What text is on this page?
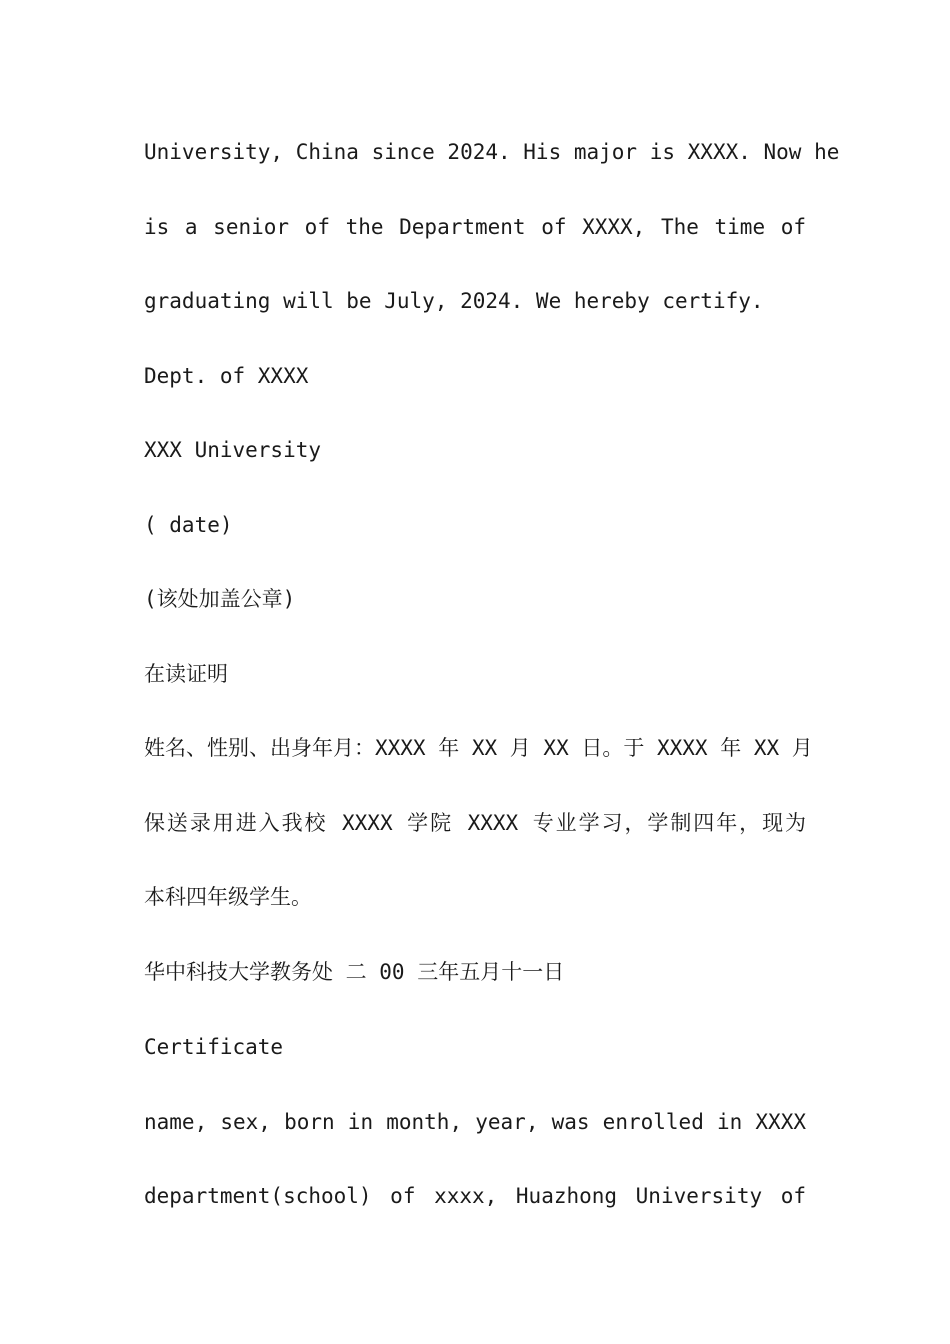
University, China since 2024. His major is XXXX. Now he
is a senior of the Department of XXXX, The time of
graduating will be July, 2024. We hereby certify.
Dept. of XXXX
XXX University
( date)
(该处加盖公章)
在读证明
姓名、性别、出身年月：XXXX 年 XX 月 XX 日。于 XXXX 年 XX 月
保送录用进入我校 XXXX 学院 XXXX 专业学习，学制四年，现为
本科四年级学生。
华中科技大学教务处 二 00 三年五月十一日
Certificate
name, sex, born in month, year, was enrolled in XXXX
department(school) of xxxx, Huazhong University of
